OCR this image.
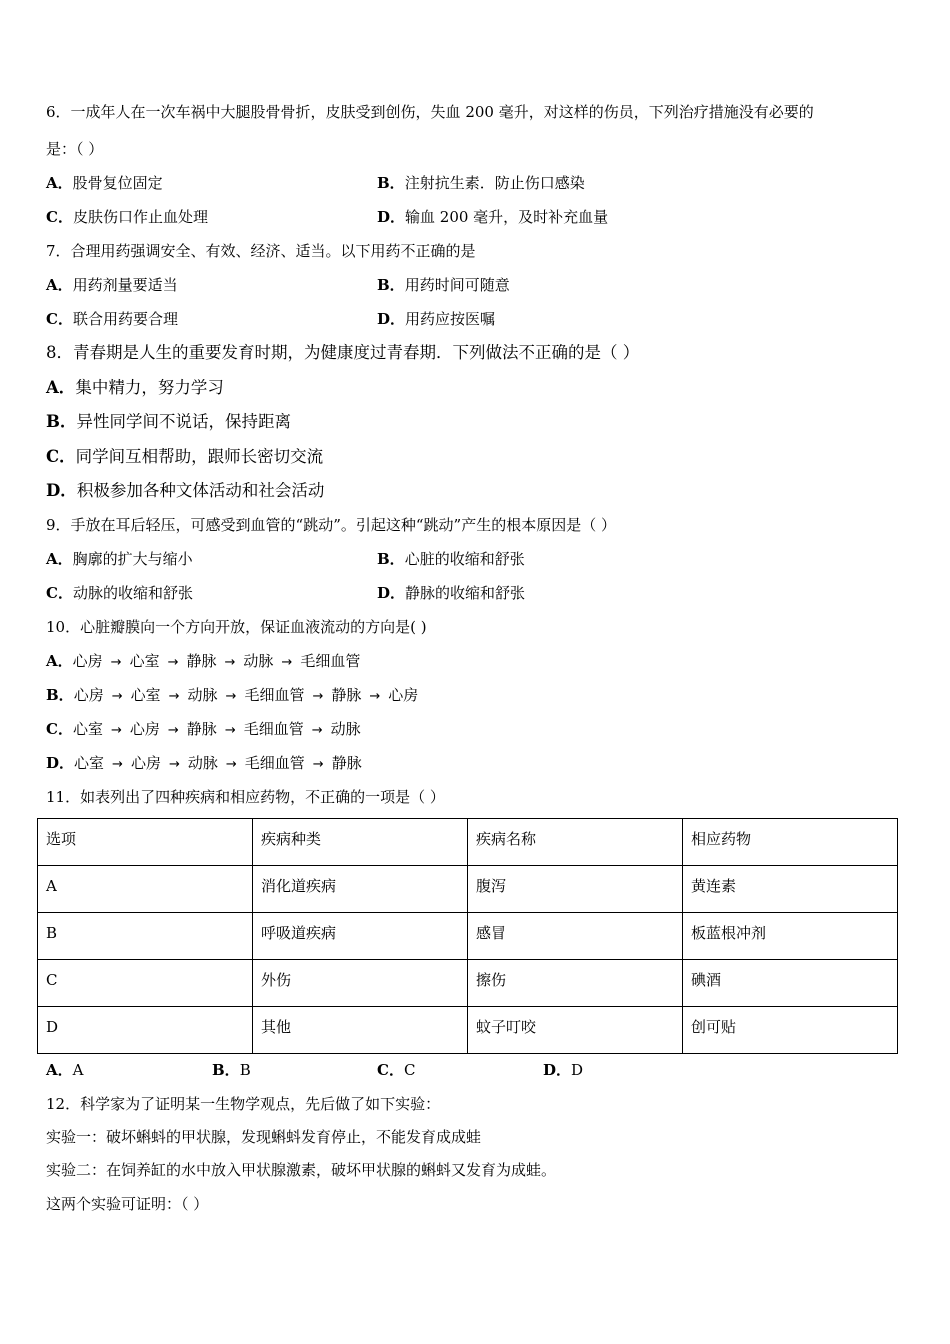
6．一成年人在一次车祸中大腿股骨骨折，皮肤受到创伤，失血 200 毫升，对这样的伤员，下列治疗措施没有必要的
是：（ ）
A．股骨复位固定	B．注射抗生素．防止伤口感染
C．皮肤伤口作止血处理	D．输血 200 毫升，及时补充血量
7．合理用药强调安全、有效、经济、适当。以下用药不正确的是
A．用药剂量要适当	B．用药时间可随意
C．联合用药要合理	D．用药应按医嘱
8．青春期是人生的重要发育时期，为健康度过青春期．下列做法不正确的是（ ）
A．集中精力，努力学习
B．异性同学间不说话，保持距离
C．同学间互相帮助，跟师长密切交流
D．积极参加各种文体活动和社会活动
9．手放在耳后轻压，可感受到血管的“跳动”。引起这种“跳动”产生的根本原因是（ ）
A．胸廓的扩大与缩小	B．心脏的收缩和舒张
C．动脉的收缩和舒张	D．静脉的收缩和舒张
10．心脏瓣膜向一个方向开放，保证血液流动的方向是( )
A．心房 → 心室 → 静脉 → 动脉 → 毛细血管
B．心房 → 心室 → 动脉 → 毛细血管 → 静脉 → 心房
C．心室 → 心房 → 静脉 → 毛细血管 → 动脉
D．心室 → 心房 → 动脉 → 毛细血管 → 静脉
11．如表列出了四种疾病和相应药物，不正确的一项是（ ）
选项	疾病种类	疾病名称	相应药物
A	消化道疾病	腹泻	黄连素
B	呼吸道疾病	感冒	板蓝根冲剂
C	外伤	擦伤	碘酒
D	其他	蚊子叮咬	创可贴
A．A	B．B	C．C	D．D
12．科学家为了证明某一生物学观点，先后做了如下实验：
实验一：破坏蝌蚪的甲状腺，发现蝌蚪发育停止，不能发育成成蛙
实验二：在饲养缸的水中放入甲状腺激素，破坏甲状腺的蝌蚪又发育为成蛙。
这两个实验可证明：（ ）
